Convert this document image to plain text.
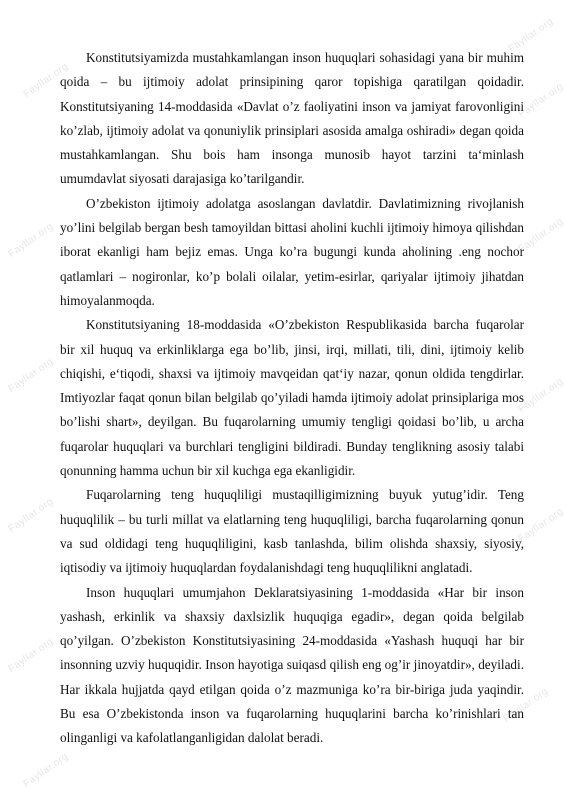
Fayllar.org
Fayllar.org
Fayllar.org
Fayllar.org	Fayllar.org
Fayllar.org
Fayllar.org
Fayllar.org	Fayllar.org
Fayllar.org
Fayllar.org
Fayllar.org

Konstitutsiyamizda mustahkamlangan inson huquqlari sohasidagi yana bir muhim qoida – bu ijtimoiy adolat prinsipining qaror topishiga qaratilgan qoidadir. Konstitutsiyaning 14-moddasida «Davlat o’z faoliyatini inson va jamiyat farovonligini ko’zlab, ijtimoiy adolat va qonuniylik prinsiplari asosida amalga oshiradi» degan qoida mustahkamlangan. Shu bois ham insonga munosib hayot tarzini ta‘minlash umumdavlat siyosati darajasiga ko’tarilgandir.

O’zbekiston ijtimoiy adolatga asoslangan davlatdir. Davlatimizning rivojlanish yo’lini belgilab bergan besh tamoyildan bittasi aholini kuchli ijtimoiy himoya qilishdan iborat ekanligi ham bejiz emas. Unga ko’ra bugungi kunda aholining .eng nochor qatlamlari – nogironlar, ko’p bolali oilalar, yetim-esirlar, qariyalar ijtimoiy jihatdan himoyalanmoqda.

Konstitutsiyaning 18-moddasida «O’zbekiston Respublikasida barcha fuqarolar bir xil huquq va erkinliklarga ega bo’lib, jinsi, irqi, millati, tili, dini, ijtimoiy kelib chiqishi, e‘tiqodi, shaxsi va ijtimoiy mavqeidan qat‘iy nazar, qonun oldida tengdirlar. Imtiyozlar faqat qonun bilan belgilab qo’yiladi hamda ijtimoiy adolat prinsiplariga mos bo’lishi shart», deyilgan. Bu fuqarolarning umumiy tengligi qoidasi bo’lib, u archa fuqarolar huquqlari va burchlari tengligini bildiradi. Bunday tenglikning asosiy talabi qonunning hamma uchun bir xil kuchga ega ekanligidir.

Fuqarolarning teng huquqliligi mustaqilligimizning buyuk yutug’idir. Teng huquqlilik – bu turli millat va elatlarning teng huquqliligi, barcha fuqarolarning qonun va sud oldidagi teng huquqliligini, kasb tanlashda, bilim olishda shaxsiy, siyosiy, iqtisodiy va ijtimoiy huquqlardan foydalanishdagi teng huquqlilikni anglatadi.

Inson huquqlari umumjahon Deklaratsiyasining 1-moddasida «Har bir inson yashash, erkinlik va shaxsiy daxlsizlik huquqiga egadir», degan qoida belgilab qo’yilgan. O’zbekiston Konstitutsiyasining 24-moddasida «Yashash huquqi har bir insonning uzviy huquqidir. Inson hayotiga suiqasd qilish eng og’ir jinoyatdir», deyiladi. Har ikkala hujjatda qayd etilgan qoida o’z mazmuniga ko’ra bir-biriga juda yaqindir. Bu esa O’zbekistonda inson va fuqarolarning huquqlarini barcha ko’rinishlari tan olinganligi va kafolatlanganligidan dalolat beradi.
